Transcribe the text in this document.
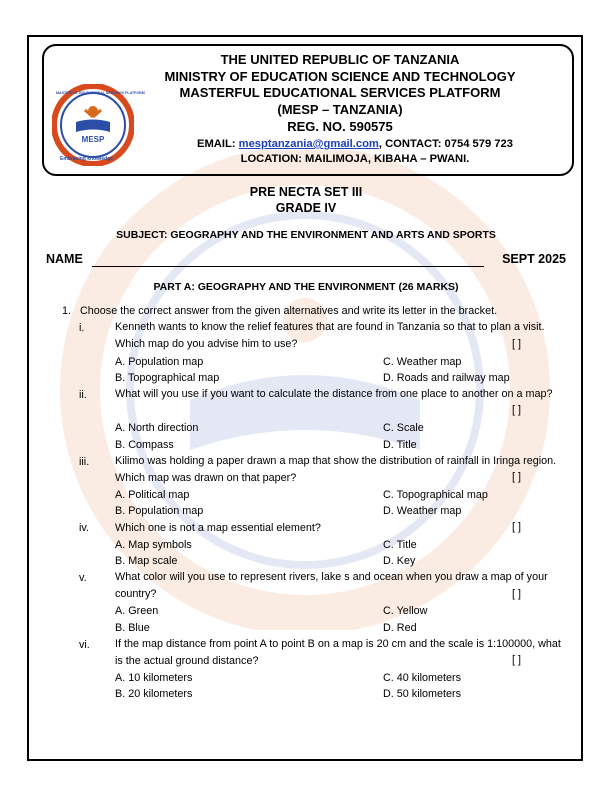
MESP
THE UNITED REPUBLIC OF TANZANIA
MINISTRY OF EDUCATION SCIENCE AND TECHNOLOGY
MASTERFUL EDUCATIONAL SERVICES PLATFORM
(MESP – TANZANIA)
REG. NO. 590575
EMAIL: mesptanzania@gmail.com, CONTACT: 0754 579 723
LOCATION: MAILIMOJA, KIBAHA – PWANI.
PRE NECTA SET III
GRADE IV
SUBJECT: GEOGRAPHY AND THE ENVIRONMENT AND ARTS AND SPORTS
NAME	SEPT 2025
PART A: GEOGRAPHY AND THE ENVIRONMENT (26 MARKS)
1. Choose the correct answer from the given alternatives and write its letter in the bracket.
i.	Kenneth wants to know the relief features that are found in Tanzania so that to plan a visit. Which map do you advise him to use?	[ ]
A. Population map
B. Topographical map
C. Weather map
D. Roads and railway map
ii.	What will you use if you want to calculate the distance from one place to another on a map?
[ ]
A. North direction
B. Compass
C. Scale
D. Title
iii. Kilimo was holding a paper drawn a map that show the distribution of rainfall in Iringa region. Which map was drawn on that paper?	[ ]
A. Political map
B. Population map
C. Topographical map
D. Weather map
iv. Which one is not a map essential element?	[ ]
A. Map symbols
B. Map scale
C. Title
D. Key
v.	What color will you use to represent rivers, lake s and ocean when you draw a map of your country?	[ ]
A. Green
B. Blue
C. Yellow
D. Red
vi. If the map distance from point A to point B on a map is 20 cm and the scale is 1:100000, what is the actual ground distance?	[ ]
A. 10 kilometers
B. 20 kilometers
C. 40 kilometers
D. 50 kilometers
Embracing knowledge
MASTERFUL EDUCATIONAL SERVICES PLATFORM
